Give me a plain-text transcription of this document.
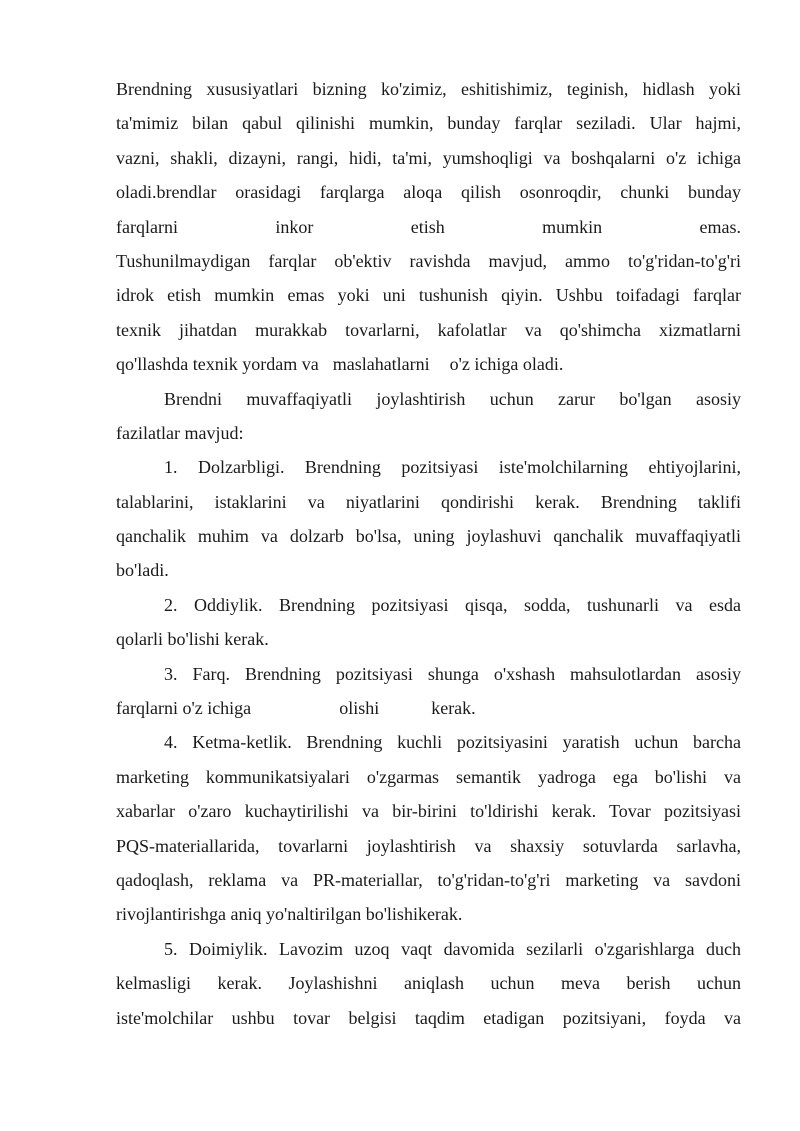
Brendning xususiyatlari bizning ko'zimiz, eshitishimiz, teginish, hidlash yoki
ta'mimiz bilan qabul qilinishi mumkin, bunday farqlar seziladi. Ular hajmi,
vazni, shakli, dizayni, rangi, hidi, ta'mi, yumshoqligi va boshqalarni o'z ichiga
oladi.brendlar orasidagi farqlarga aloqa qilish osonroqdir, chunki bunday
farqlarni inkor etish mumkin emas.
Tushunilmaydigan farqlar ob'ektiv ravishda mavjud, ammo to'g'ridan-to'g'ri
idrok etish mumkin emas yoki uni tushunish qiyin. Ushbu toifadagi farqlar
texnik jihatdan murakkab tovarlarni, kafolatlar va qo'shimcha xizmatlarni
qo'llashda texnik yordam va maslahatlarni o'z ichiga oladi.
Brendni muvaffaqiyatli joylashtirish uchun zarur bo'lgan asosiy
fazilatlar mavjud:
1. Dolzarbligi. Brendning pozitsiyasi iste'molchilarning ehtiyojlarini,
talablarini, istaklarini va niyatlarini qondirishi kerak. Brendning taklifi
qanchalik muhim va dolzarb bo'lsa, uning joylashuvi qanchalik muvaffaqiyatli
bo'ladi.
2. Oddiylik. Brendning pozitsiyasi qisqa, sodda, tushunarli va esda
qolarli bo'lishi kerak.
3. Farq. Brendning pozitsiyasi shunga o'xshash mahsulotlardan asosiy
farqlarni o'z ichiga	olishi	kerak.
4. Ketma-ketlik. Brendning kuchli pozitsiyasini yaratish uchun barcha
marketing kommunikatsiyalari o'zgarmas semantik yadroga ega bo'lishi va
xabarlar o'zaro kuchaytirilishi va bir-birini to'ldirishi kerak. Tovar pozitsiyasi
PQS-materiallarida, tovarlarni joylashtirish va shaxsiy sotuvlarda sarlavha,
qadoqlash, reklama va PR-materiallar, to'g'ridan-to'g'ri marketing va savdoni
rivojlantirishga aniq yo'naltirilgan bo'lishikerak.
5. Doimiylik. Lavozim uzoq vaqt davomida sezilarli o'zgarishlarga duch
kelmasligi kerak. Joylashishni aniqlash uchun meva berish uchun
iste'molchilar ushbu tovar belgisi taqdim etadigan pozitsiyani, foyda va
